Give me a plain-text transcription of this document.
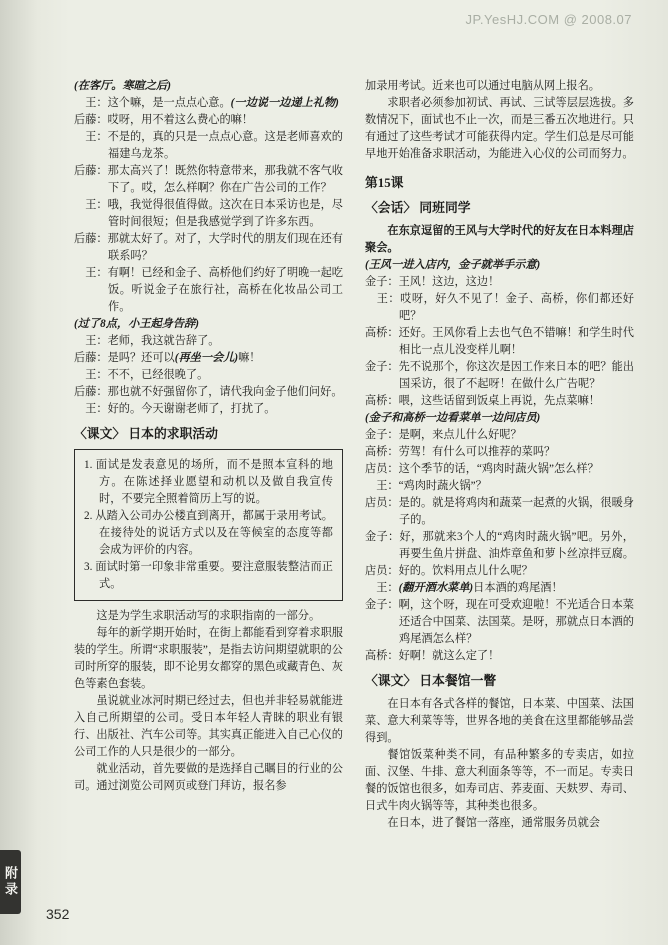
JP.YesHJ.COM @ 2008.07
(在客厅。寒暄之后)
　王：这个嘛，是一点点心意。(一边说一边递上礼物)
后藤：哎呀，用不着这么费心的嘛！
　王：不是的，真的只是一点点心意。这是老师喜欢的福建乌龙茶。
后藤：那太高兴了！既然你特意带来，那我就不客气收下了。哎，怎么样啊？你在广告公司的工作？
　王：哦，我觉得很值得做。这次在日本采访也是，尽管时间很短；但是我感觉学到了许多东西。
后藤：那就太好了。对了，大学时代的朋友们现在还有联系吗？
　王：有啊！已经和金子、高桥他们约好了明晚一起吃饭。听说金子在旅行社，高桥在化妆品公司工作。
(过了8点，小王起身告辞)
　王：老师，我这就告辞了。
后藤：是吗？还可以(再坐一会儿)嘛！
　王：不不，已经很晚了。
后藤：那也就不好强留你了，请代我向金子他们问好。
　王：好的。今天谢谢老师了，打扰了。
〈课文〉 日本的求职活动
1. 面试是发表意见的场所，而不是照本宣科的地方。在陈述择业愿望和动机以及做自我宣传时，不要完全照着简历上写的说。
2. 从踏入公司办公楼直到离开，都属于录用考试。在接待处的说话方式以及在等候室的态度等都会成为评价的内容。
3. 面试时第一印象非常重要。要注意服装整洁而正式。

这是为学生求职活动写的求职指南的一部分。

每年的新学期开始时，在街上都能看到穿着求职服装的学生。所谓“求职服装”，是指去访问期望就职的公司时所穿的服装，即不论男女都穿的黑色或藏青色、灰色等素色套装。

虽说就业冰河时期已经过去，但也并非轻易就能进入自己所期望的公司。受日本年轻人青睐的职业有银行、出版社、汽车公司等。其实真正能进入自己心仪的公司工作的人只是很少的一部分。

就业活动，首先要做的是选择自己瞩目的行业的公司。通过浏览公司网页或登门拜访，报名参

加录用考试。近来也可以通过电脑从网上报名。

求职者必须参加初试、再试、三试等层层选拔。多数情况下，面试也不止一次，而是三番五次地进行。只有通过了这些考试才可能获得内定。学生们总是尽可能早地开始准备求职活动，为能进入心仪的公司而努力。

第15课
〈会话〉 同班同学

在东京逗留的王风与大学时代的好友在日本料理店聚会。

(王风一进入店内，金子就举手示意)
金子：王风！这边，这边！
　王：哎呀，好久不见了！金子、高桥，你们都还好吧？
高桥：还好。王风你看上去也气色不错嘛！和学生时代相比一点儿没变样儿啊！
金子：先不说那个，你这次是因工作来日本的吧？能出国采访，很了不起呀！在做什么广告呢？
高桥：喂，这些话留到饭桌上再说，先点菜嘛！
(金子和高桥一边看菜单一边问店员)
金子：是啊，来点儿什么好呢？
高桥：劳驾！有什么可以推荐的菜吗？
店员：这个季节的话，“鸡肉时蔬火锅”怎么样？
　王：“鸡肉时蔬火锅”？
店员：是的。就是将鸡肉和蔬菜一起煮的火锅，很暖身子的。
金子：好，那就来3个人的“鸡肉时蔬火锅”吧。另外，再要生鱼片拼盘、油炸章鱼和萝卜丝凉拌豆腐。
店员：好的。饮料用点儿什么呢？
　王：(翻开酒水菜单)日本酒的鸡尾酒！
金子：啊，这个呀，现在可受欢迎啦！不光适合日本菜还适合中国菜、法国菜。是呀，那就点日本酒的鸡尾酒怎么样？
高桥：好啊！就这么定了！
〈课文〉 日本餐馆一瞥

在日本有各式各样的餐馆，日本菜、中国菜、法国菜、意大利菜等等，世界各地的美食在这里都能够品尝得到。

餐馆饭菜种类不同，有品种繁多的专卖店，如拉面、汉堡、牛排、意大利面条等等，不一而足。专卖日餐的饭馆也很多，如寿司店、荞麦面、天麸罗、寿司、日式牛肉火锅等等，其种类也很多。

在日本，进了餐馆一落座，通常服务员就会

附录
352
